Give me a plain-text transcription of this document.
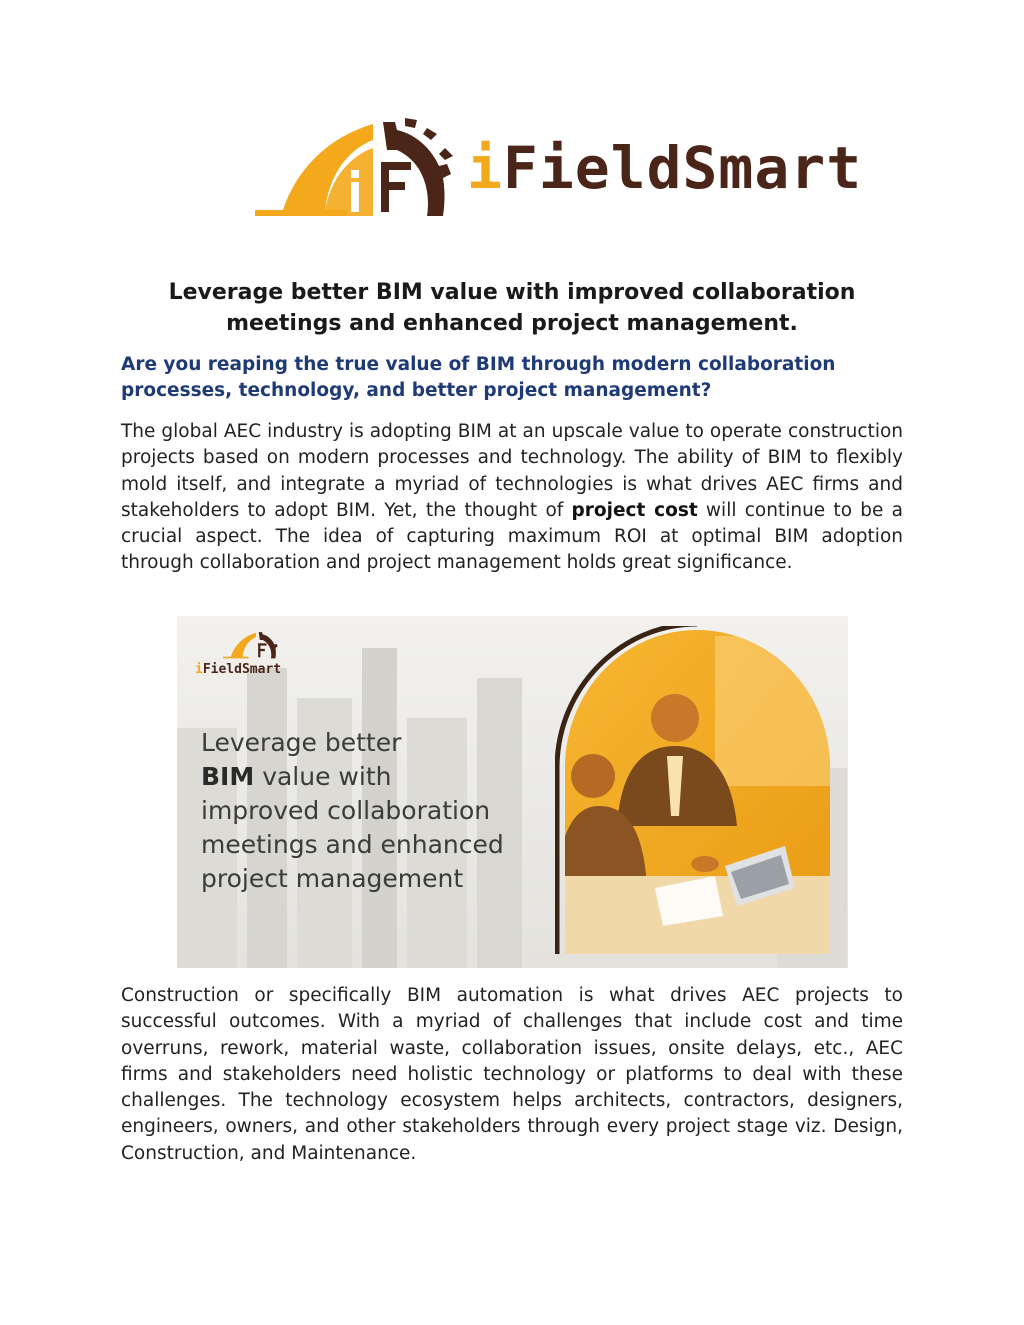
iFieldSmart
Leverage better BIM value with improved collaboration
meetings and enhanced project management.

Are you reaping the true value of BIM through modern collaboration processes, technology, and better project management?

The global AEC industry is adopting BIM at an upscale value to operate construction projects based on modern processes and technology. The ability of BIM to flexibly mold itself, and integrate a myriad of technologies is what drives AEC firms and stakeholders to adopt BIM. Yet, the thought of project cost will continue to be a crucial aspect. The idea of capturing maximum ROI at optimal BIM adoption through collaboration and project management holds great significance.

iFieldSmart
Leverage better
BIM value with
improved collaboration
meetings and enhanced
project management

Construction or specifically BIM automation is what drives AEC projects to successful outcomes. With a myriad of challenges that include cost and time overruns, rework, material waste, collaboration issues, onsite delays, etc., AEC firms and stakeholders need holistic technology or platforms to deal with these challenges. The technology ecosystem helps architects, contractors, designers, engineers, owners, and other stakeholders through every project stage viz. Design, Construction, and Maintenance.
